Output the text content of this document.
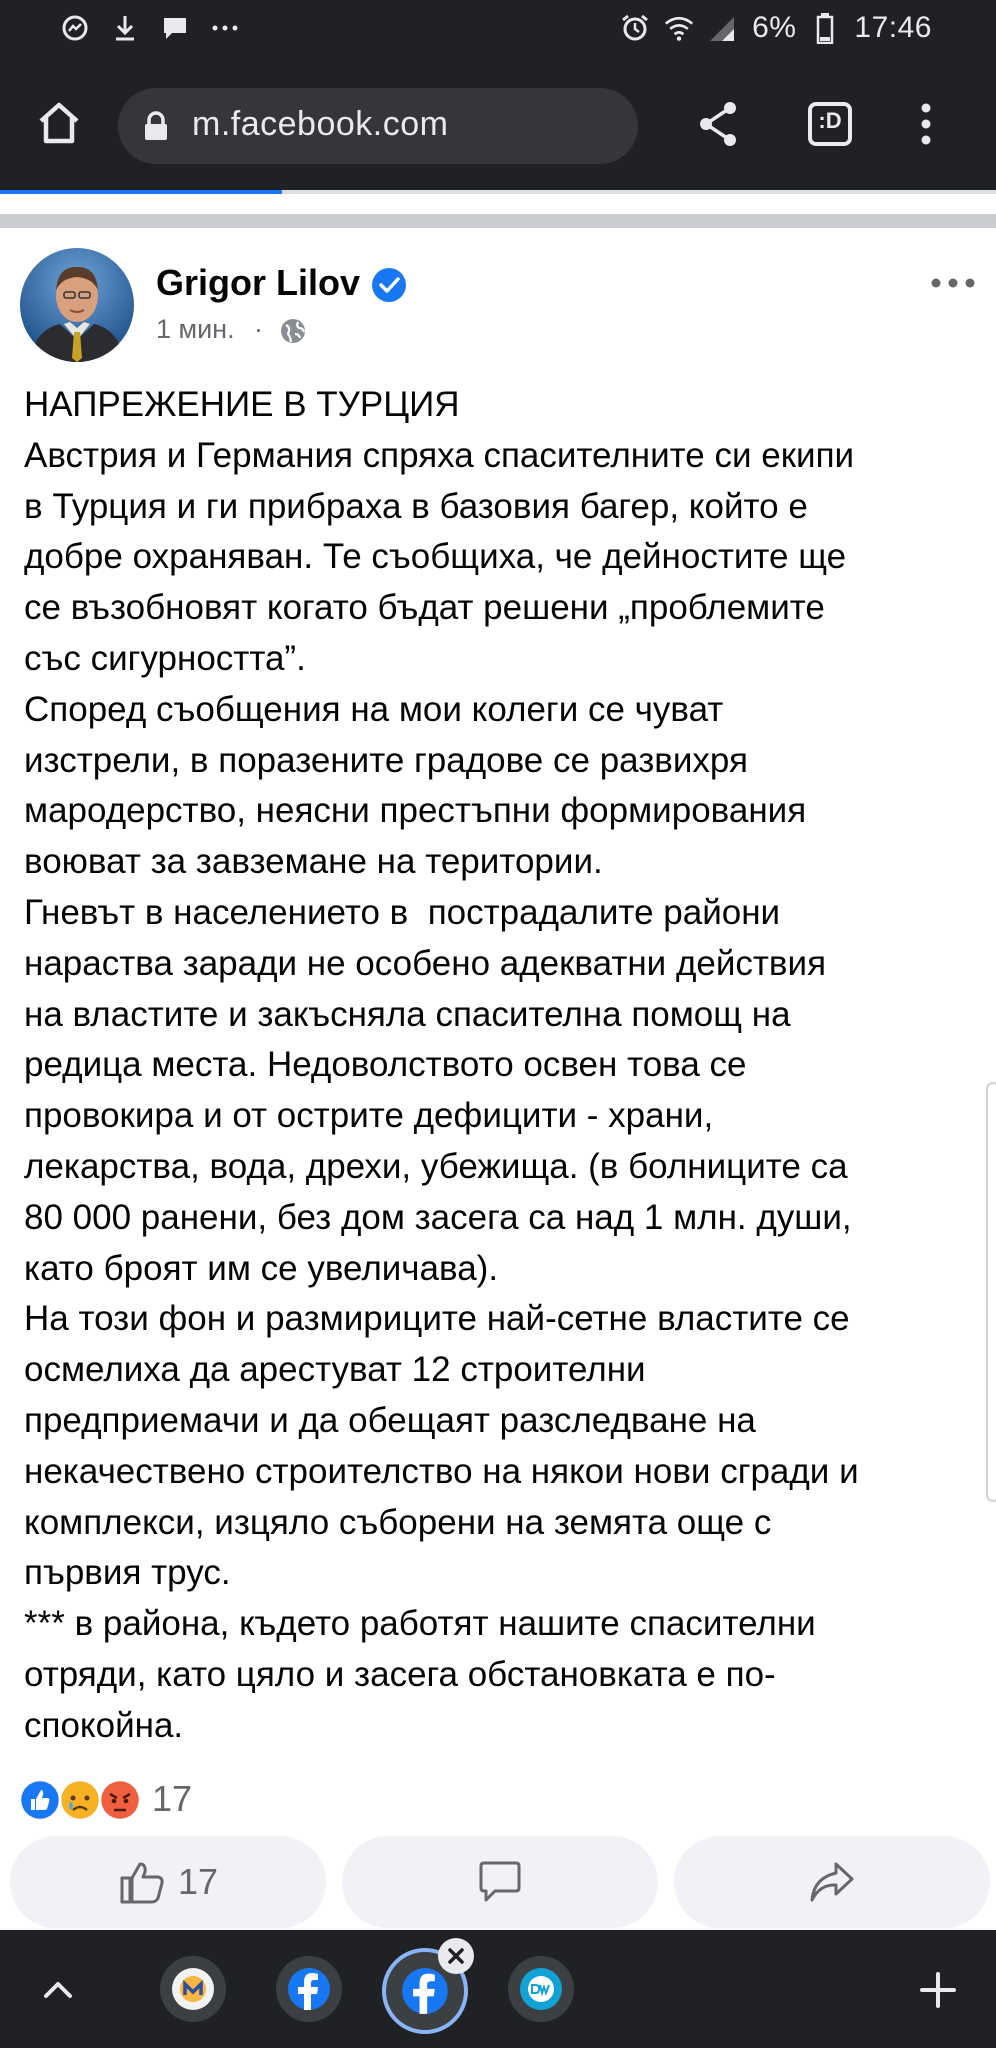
6% 17:46
m.facebook.com	:D
Grigor Lilov
1 мин. ·
НАПРЕЖЕНИЕ В ТУРЦИЯ
Австрия и Германия спряха спасителните си екипи
в Турция и ги прибраха в базовия багер, който е
добре охраняван. Те съобщиха, че дейностите ще
се възобновят когато бъдат решени „проблемите
със сигурността”.
Според съобщения на мои колеги се чуват
изстрели, в поразените градове се развихря
мародерство, неясни престъпни формирования
воюват за завземане на територии.
Гневът в населението в  пострадалите райони
нараства заради не особено адекватни действия
на властите и закъсняла спасителна помощ на
редица места. Недоволството освен това се
провокира и от острите дефицити - храни,
лекарства, вода, дрехи, убежища. (в болниците са
80 000 ранени, без дом засега са над 1 млн. души,
като броят им се увеличава).
На този фон и размириците най-сетне властите се
осмелиха да арестуват 12 строителни
предприемачи и да обещаят разследване на
некачествено строителство на някои нови сгради и
комплекси, изцяло съборени на земята още с
първия трус.
*** в района, където работят нашите спасителни
отряди, като цяло и засега обстановката е по-
спокойна.
17
17
